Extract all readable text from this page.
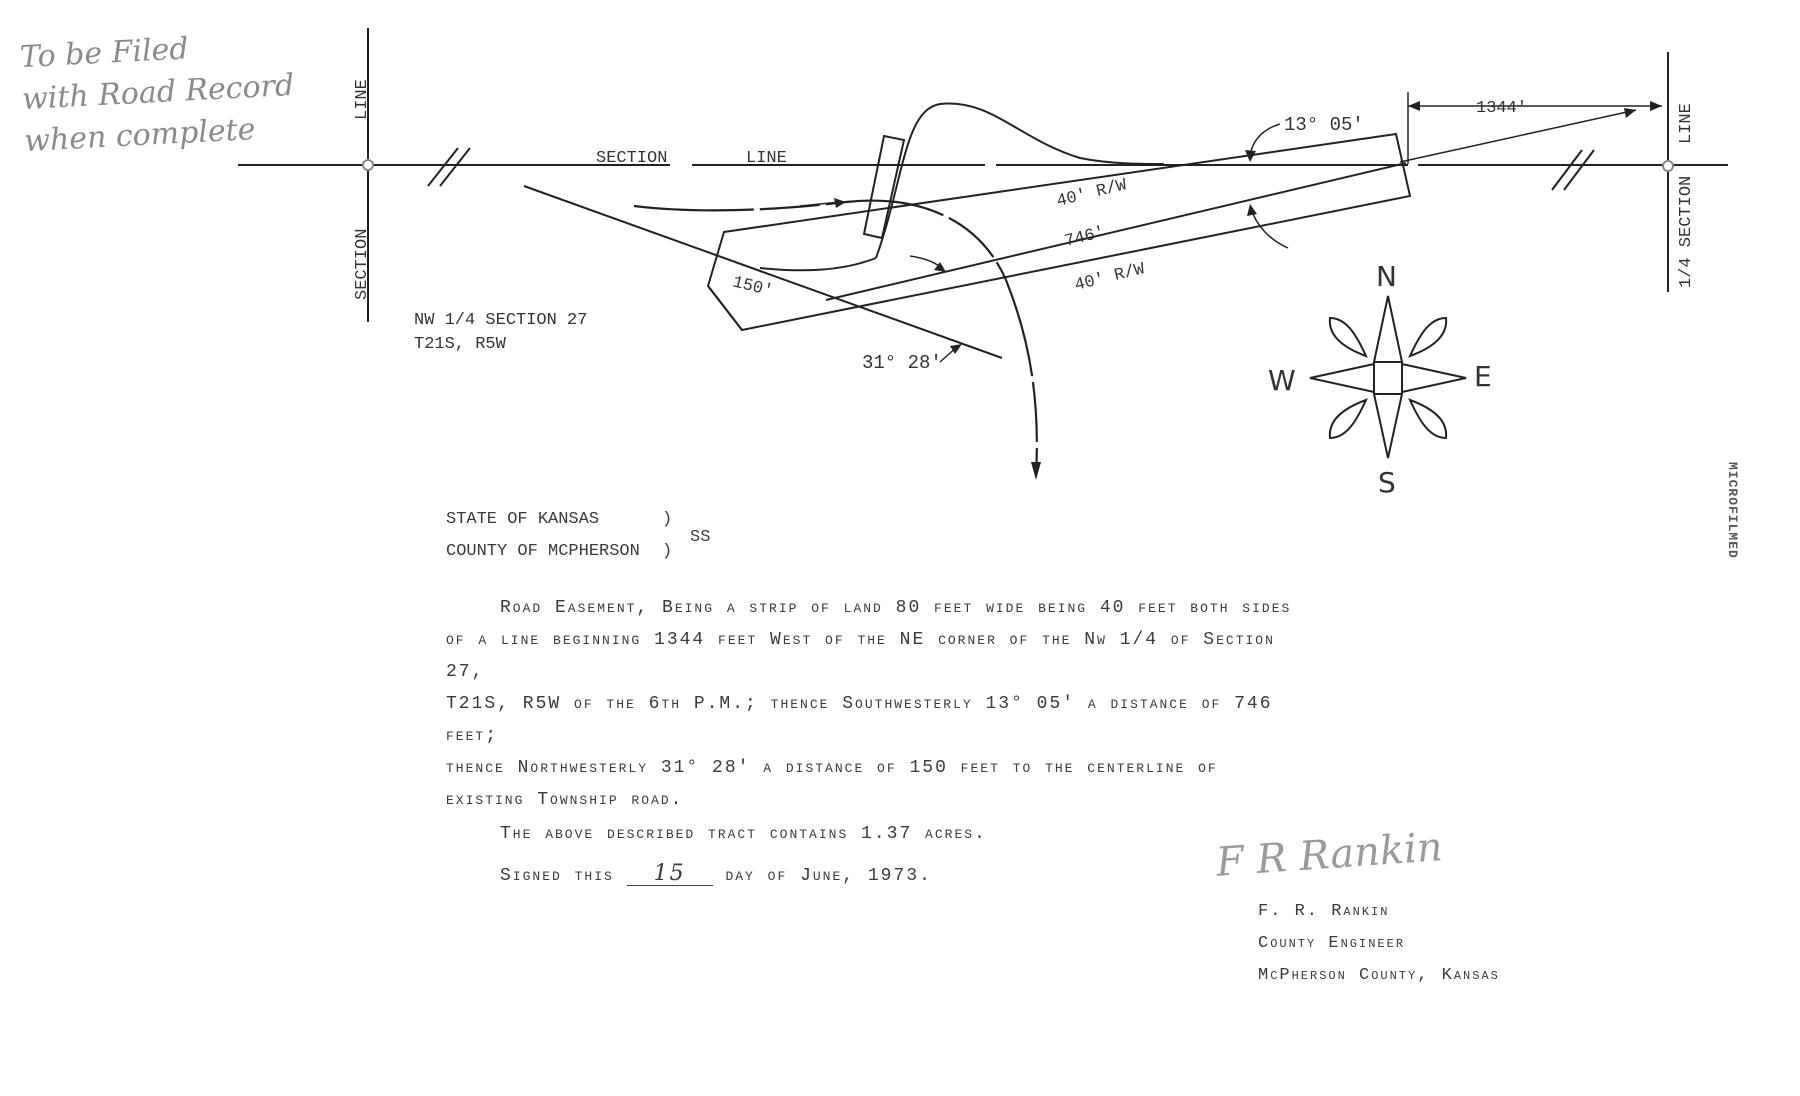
To be Filed
with Road Record
when complete
LINE
SECTION
SECTION	LINE
LINE
1/4 SECTION
1344'
13° 05'
40' R/W
746'
40' R/W
150'
31° 28'
NW 1/4 SECTION 27
T21S, R5W
N
S
E
W
STATE OF KANSAS	)
COUNTY OF MCPHERSON )
SS
Road Easement, Being a strip of land 80 feet wide being 40 feet both sides
of a line beginning 1344 feet West of the NE corner of the Nw 1/4 of Section 27,
T21S, R5W of the 6th P.M.; thence Southwesterly 13° 05' a distance of 746 feet;
thence Northwesterly 31° 28' a distance of 150 feet to the centerline of
existing Township road.
The above described tract contains 1.37 acres.
Signed this 15 day of June, 1973.	F R Rankin
F. R. Rankin
County Engineer
McPherson County, Kansas
MICROFILMED
